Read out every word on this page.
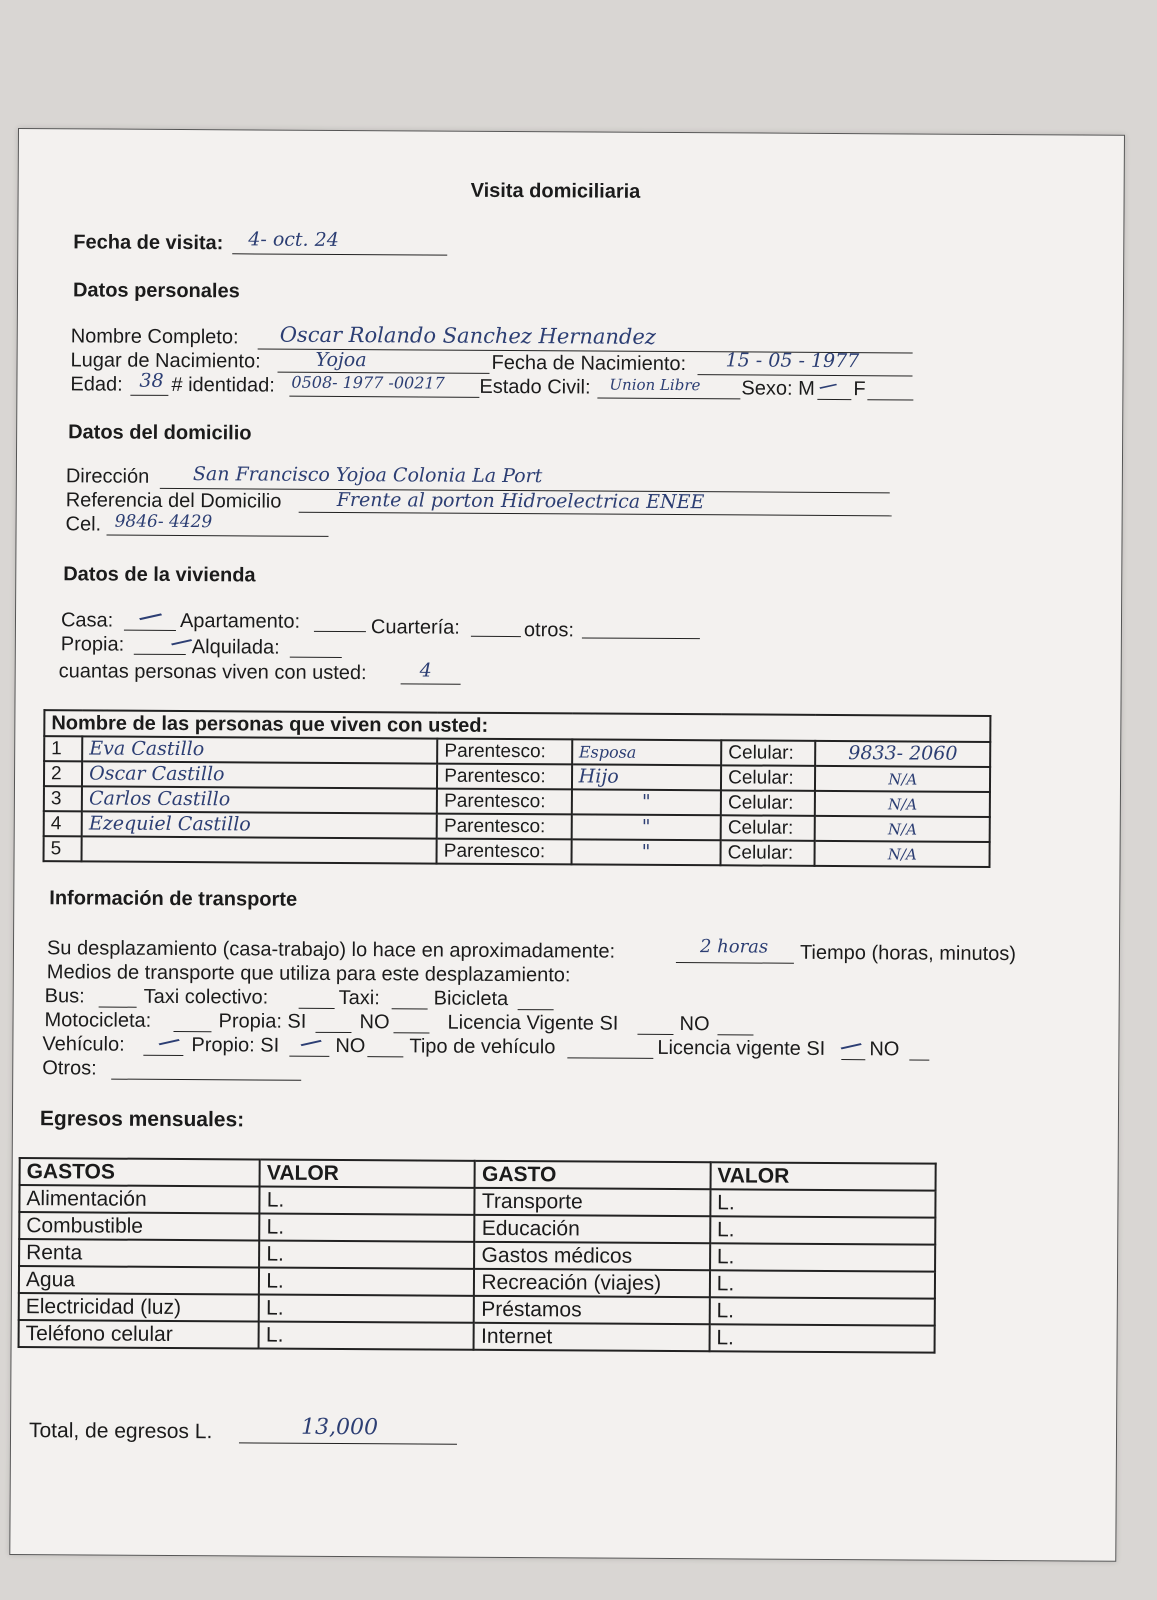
Visita domiciliaria
Fecha de visita: 4- oct. 24
Datos personales
Nombre Completo: Oscar Rolando Sanchez Hernandez
Lugar de Nacimiento:	Yojoa	Fecha de Nacimiento: 15 - 05 - 1977
Edad: 38 # identidad: 0508- 1977 -00217 Estado Civil: Union Libre Sexo: M / F
Datos del domicilio
Dirección San Francisco Yojoa Colonia La Port
Referencia del Domicilio	Frente al porton Hidroelectrica ENEE
Cel. 9846- 4429
Datos de la vivienda
Casa: / Apartamento:	Cuartería:	otros:
Propia: /
Alquilada:
cuantas personas viven con usted:	4
Nombre de las personas que viven con usted:					
1	Eva Castillo	Parentesco:	Esposa	Celular:	9833- 2060
2	Oscar Castillo	Parentesco:	Hijo	Celular:	N/A
3	Carlos Castillo	Parentesco:	"	Celular:	N/A
4	Ezequiel Castillo	Parentesco:	"	Celular:	N/A
5		Parentesco:	"	Celular:	N/A
Información de transporte
Su desplazamiento (casa-trabajo) lo hace en aproximadamente:	2 horas Tiempo (horas, minutos)
Medios de transporte que utiliza para este desplazamiento:
Bus:	Taxi colectivo:	Taxi:	Bicicleta
Motocicleta:	Propia: SI	NO	Licencia Vigente SI	NO
Vehículo: / Propio: SI / NO Tipo de vehículo	Licencia vigente SI / NO
Otros:
Egresos mensuales:
GASTOS	VALOR	GASTO	VALOR
Alimentación	L.	Transporte	L.
Combustible	L.	Educación	L.
Renta	L.	Gastos médicos	L.
Agua	L.	Recreación (viajes)	L.
Electricidad (luz)	L.	Préstamos	L.
Teléfono celular	L.	Internet	L.
Total, de egresos L.	13,000
